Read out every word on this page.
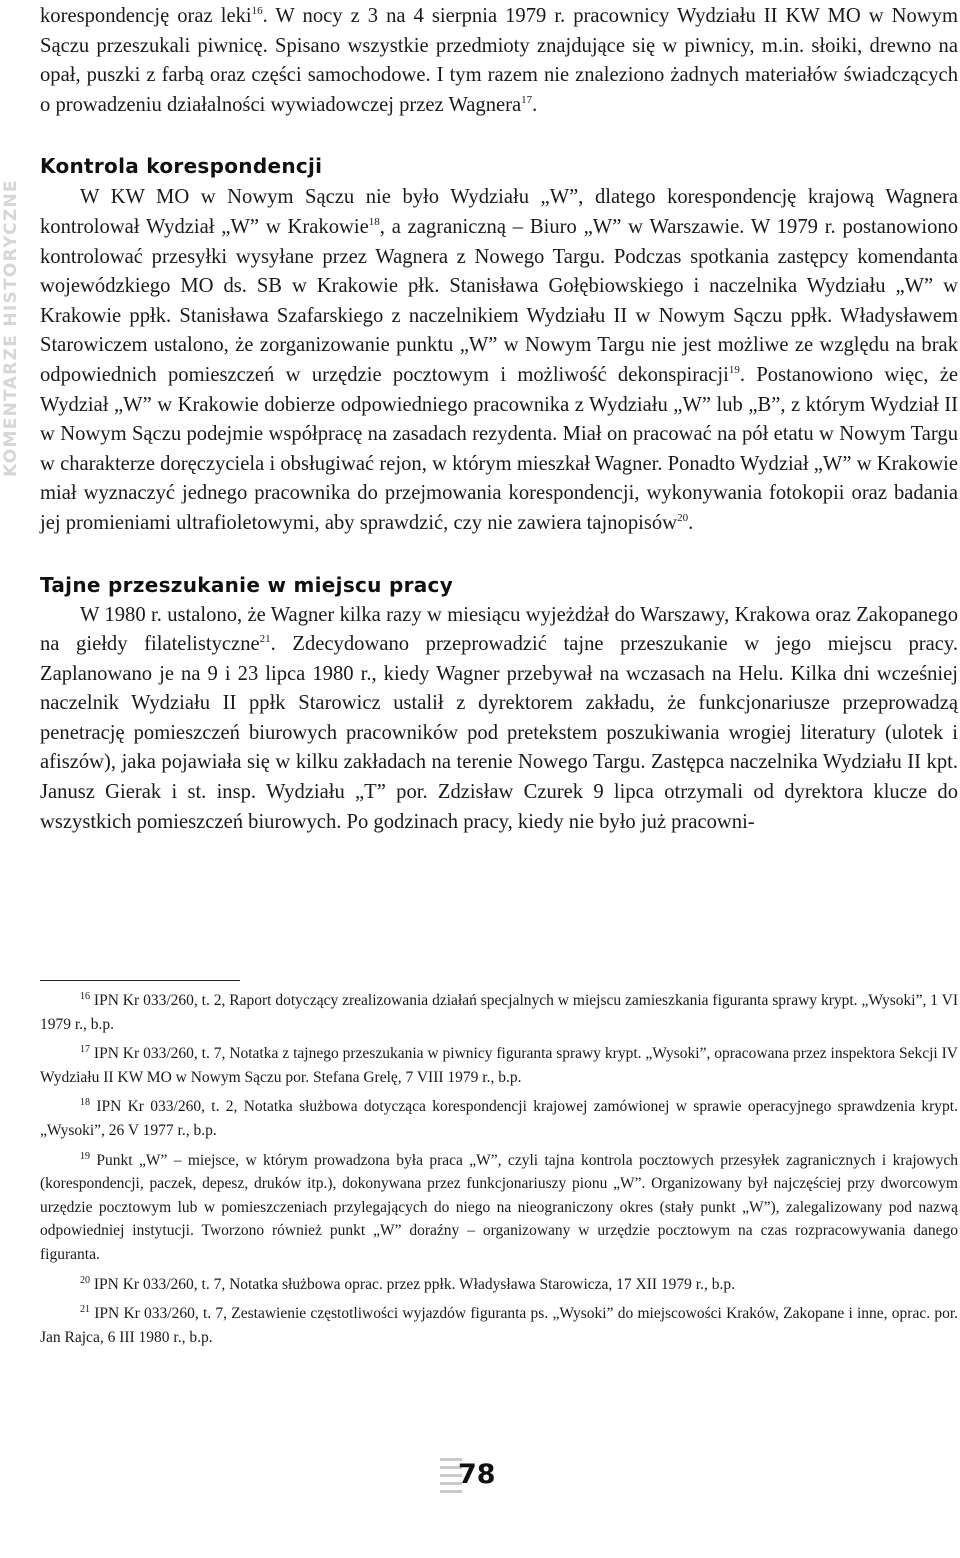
KOMENTARZE HISTORYCZNE

korespondencję oraz leki$^{16}$. W nocy z 3 na 4 sierpnia 1979 r. pracownicy Wydziału II KW MO w Nowym Sączu przeszukali piwnicę. Spisano wszystkie przedmioty znajdujące się w piwnicy, m.in. słoiki, drewno na opał, puszki z farbą oraz części samochodowe. I tym razem nie znaleziono żadnych materiałów świadczących o prowadzeniu działalności wywiadowczej przez Wagnera$^{17}$.

Kontrola korespondencji

W KW MO w Nowym Sączu nie było Wydziału „W”, dlatego korespondencję krajową Wagnera kontrolował Wydział „W” w Krakowie$^{18}$, a zagraniczną – Biuro „W” w Warszawie. W 1979 r. postanowiono kontrolować przesyłki wysyłane przez Wagnera z Nowego Targu. Podczas spotkania zastępcy komendanta wojewódzkiego MO ds. SB w Krakowie płk. Stanisława Gołębiowskiego i naczelnika Wydziału „W” w Krakowie ppłk. Stanisława Szafarskiego z naczelnikiem Wydziału II w Nowym Sączu ppłk. Władysławem Starowiczem ustalono, że zorganizowanie punktu „W” w Nowym Targu nie jest możliwe ze względu na brak odpowiednich pomieszczeń w urzędzie pocztowym i możliwość dekonspiracji$^{19}$. Postanowiono więc, że Wydział „W” w Krakowie dobierze odpowiedniego pracownika z Wydziału „W” lub „B”, z którym Wydział II w Nowym Sączu podejmie współpracę na zasadach rezydenta. Miał on pracować na pół etatu w Nowym Targu w charakterze doręczyciela i obsługiwać rejon, w którym mieszkał Wagner. Ponadto Wydział „W” w Krakowie miał wyznaczyć jednego pracownika do przejmowania korespondencji, wykonywania fotokopii oraz badania jej promieniami ultrafioletowymi, aby sprawdzić, czy nie zawiera tajnopisów$^{20}$.

Tajne przeszukanie w miejscu pracy

W 1980 r. ustalono, że Wagner kilka razy w miesiącu wyjeżdżał do Warszawy, Krakowa oraz Zakopanego na giełdy filatelistyczne$^{21}$. Zdecydowano przeprowadzić tajne przeszukanie w jego miejscu pracy. Zaplanowano je na 9 i 23 lipca 1980 r., kiedy Wagner przebywał na wczasach na Helu. Kilka dni wcześniej naczelnik Wydziału II ppłk Starowicz ustalił z dyrektorem zakładu, że funkcjonariusze przeprowadzą penetrację pomieszczeń biurowych pracowników pod pretekstem poszukiwania wrogiej literatury (ulotek i afiszów), jaka pojawiała się w kilku zakładach na terenie Nowego Targu. Zastępca naczelnika Wydziału II kpt. Janusz Gierak i st. insp. Wydziału „T” por. Zdzisław Czurek 9 lipca otrzymali od dyrektora klucze do wszystkich pomieszczeń biurowych. Po godzinach pracy, kiedy nie było już pracowni-

$^{16}$ IPN Kr 033/260, t. 2, Raport dotyczący zrealizowania działań specjalnych w miejscu zamieszkania figuranta sprawy krypt. „Wysoki”, 1 VI 1979 r., b.p.

$^{17}$ IPN Kr 033/260, t. 7, Notatka z tajnego przeszukania w piwnicy figuranta sprawy krypt. „Wysoki”, opracowana przez inspektora Sekcji IV Wydziału II KW MO w Nowym Sączu por. Stefana Grelę, 7 VIII 1979 r., b.p.

$^{18}$ IPN Kr 033/260, t. 2, Notatka służbowa dotycząca korespondencji krajowej zamówionej w sprawie operacyjnego sprawdzenia krypt. „Wysoki”, 26 V 1977 r., b.p.

$^{19}$ Punkt „W” – miejsce, w którym prowadzona była praca „W”, czyli tajna kontrola pocztowych przesyłek zagranicznych i krajowych (korespondencji, paczek, depesz, druków itp.), dokonywana przez funkcjonariuszy pionu „W”. Organizowany był najczęściej przy dworcowym urzędzie pocztowym lub w pomieszczeniach przylegających do niego na nieograniczony okres (stały punkt „W”), zalegalizowany pod nazwą odpowiedniej instytucji. Tworzono również punkt „W” doraźny – organizowany w urzędzie pocztowym na czas rozpracowywania danego figuranta.

$^{20}$ IPN Kr 033/260, t. 7, Notatka służbowa oprac. przez ppłk. Władysława Starowicza, 17 XII 1979 r., b.p.

$^{21}$ IPN Kr 033/260, t. 7, Zestawienie częstotliwości wyjazdów figuranta ps. „Wysoki” do miejscowości Kraków, Zakopane i inne, oprac. por. Jan Rajca, 6 III 1980 r., b.p.

78
